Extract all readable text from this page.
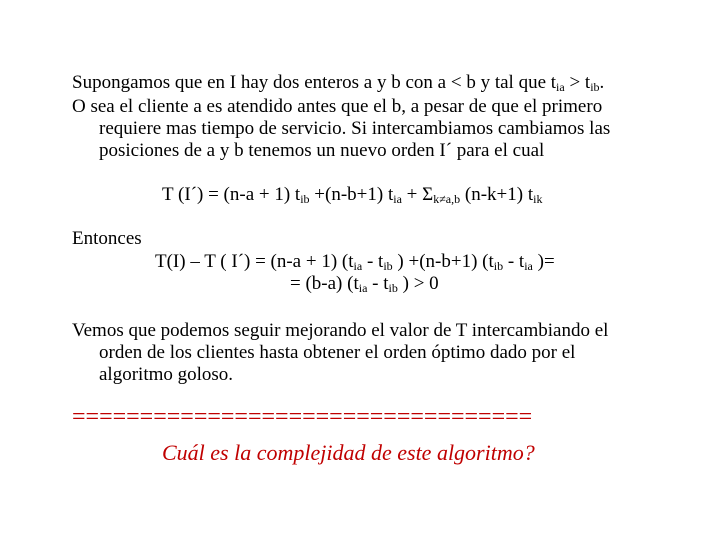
Supongamos que en I hay dos enteros a y b con a < b y tal que $t_{ia} > t_{ib}$.
O sea el cliente a es atendido antes que el b, a pesar de que el primero
requiere mas tiempo de servicio. Si intercambiamos cambiamos las
posiciones de a y b tenemos un nuevo orden I´ para el cual
T (I´) = (n-a + 1) $t_{ib} +(n-b+1) t_{ia} + \Sigma_{k\ne a,b}$ (n-k+1) $t_{ik}$
Entonces
T(I) – T ( I´) = (n-a + 1) ($t_{ia} - t_{ib}$ ) +(n-b+1) ($t_{ib} - t_{ia}$ )=
= (b-a) ($t_{ia} - t_{ib}$ ) > 0
Vemos que podemos seguir mejorando el valor de T intercambiando el
orden de los clientes hasta obtener el orden óptimo dado por el
algoritmo goloso.
==================================
Cuál es la complejidad de este algoritmo?
